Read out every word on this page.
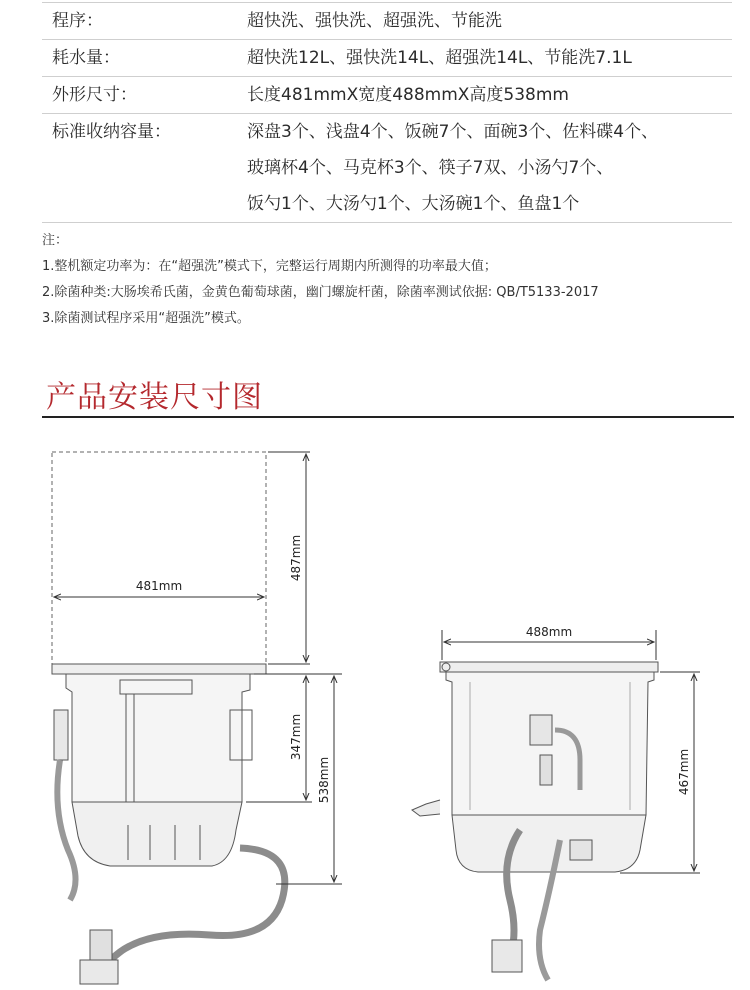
程序：	超快洗、强快洗、超强洗、节能洗
耗水量：	超快洗12L、强快洗14L、超强洗14L、节能洗7.1L
外形尺寸：	长度481mmX宽度488mmX高度538mm
标准收纳容量：	深盘3个、浅盘4个、饭碗7个、面碗3个、佐料碟4个、
玻璃杯4个、马克杯3个、筷子7双、小汤勺7个、
饭勺1个、大汤勺1个、大汤碗1个、鱼盘1个
注：
1.整机额定功率为：在“超强洗”模式下，完整运行周期内所测得的功率最大值；
2.除菌种类:大肠埃希氏菌，金黄色葡萄球菌，幽门螺旋杆菌，除菌率测试依据: QB/T5133-2017
3.除菌测试程序采用“超强洗”模式。
产品安装尺寸图
481mm
487mm
347mm
538mm
488mm
467mm
